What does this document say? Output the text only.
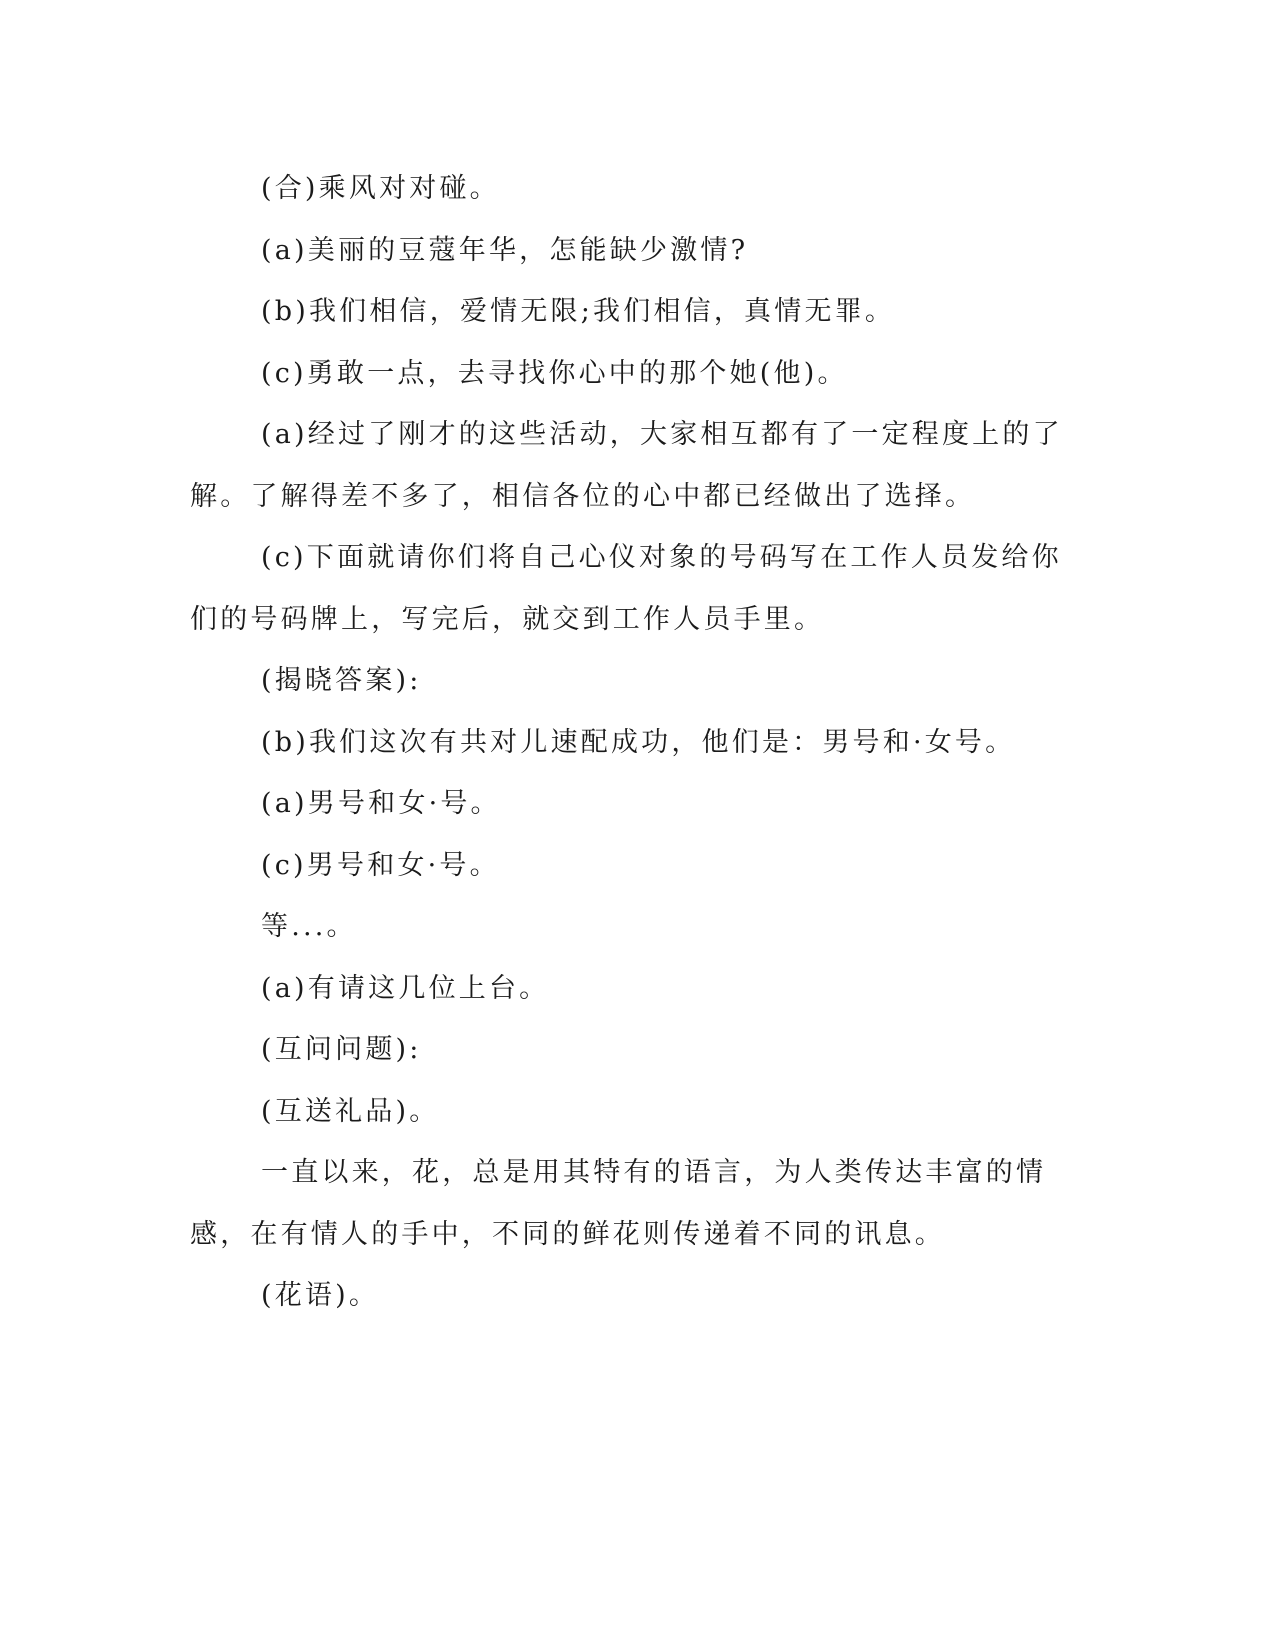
(合)乘风对对碰。

(a)美丽的豆蔻年华，怎能缺少激情?

(b)我们相信，爱情无限;我们相信，真情无罪。

(c)勇敢一点，去寻找你心中的那个她(他)。

(a)经过了刚才的这些活动，大家相互都有了一定程度上的了解。了解得差不多了，相信各位的心中都已经做出了选择。

(c)下面就请你们将自己心仪对象的号码写在工作人员发给你们的号码牌上，写完后，就交到工作人员手里。

(揭晓答案):

(b)我们这次有共对儿速配成功，他们是：男号和·女号。

(a)男号和女·号。

(c)男号和女·号。

等...。

(a)有请这几位上台。

(互问问题):

(互送礼品)。

一直以来，花，总是用其特有的语言，为人类传达丰富的情感，在有情人的手中，不同的鲜花则传递着不同的讯息。

(花语)。
